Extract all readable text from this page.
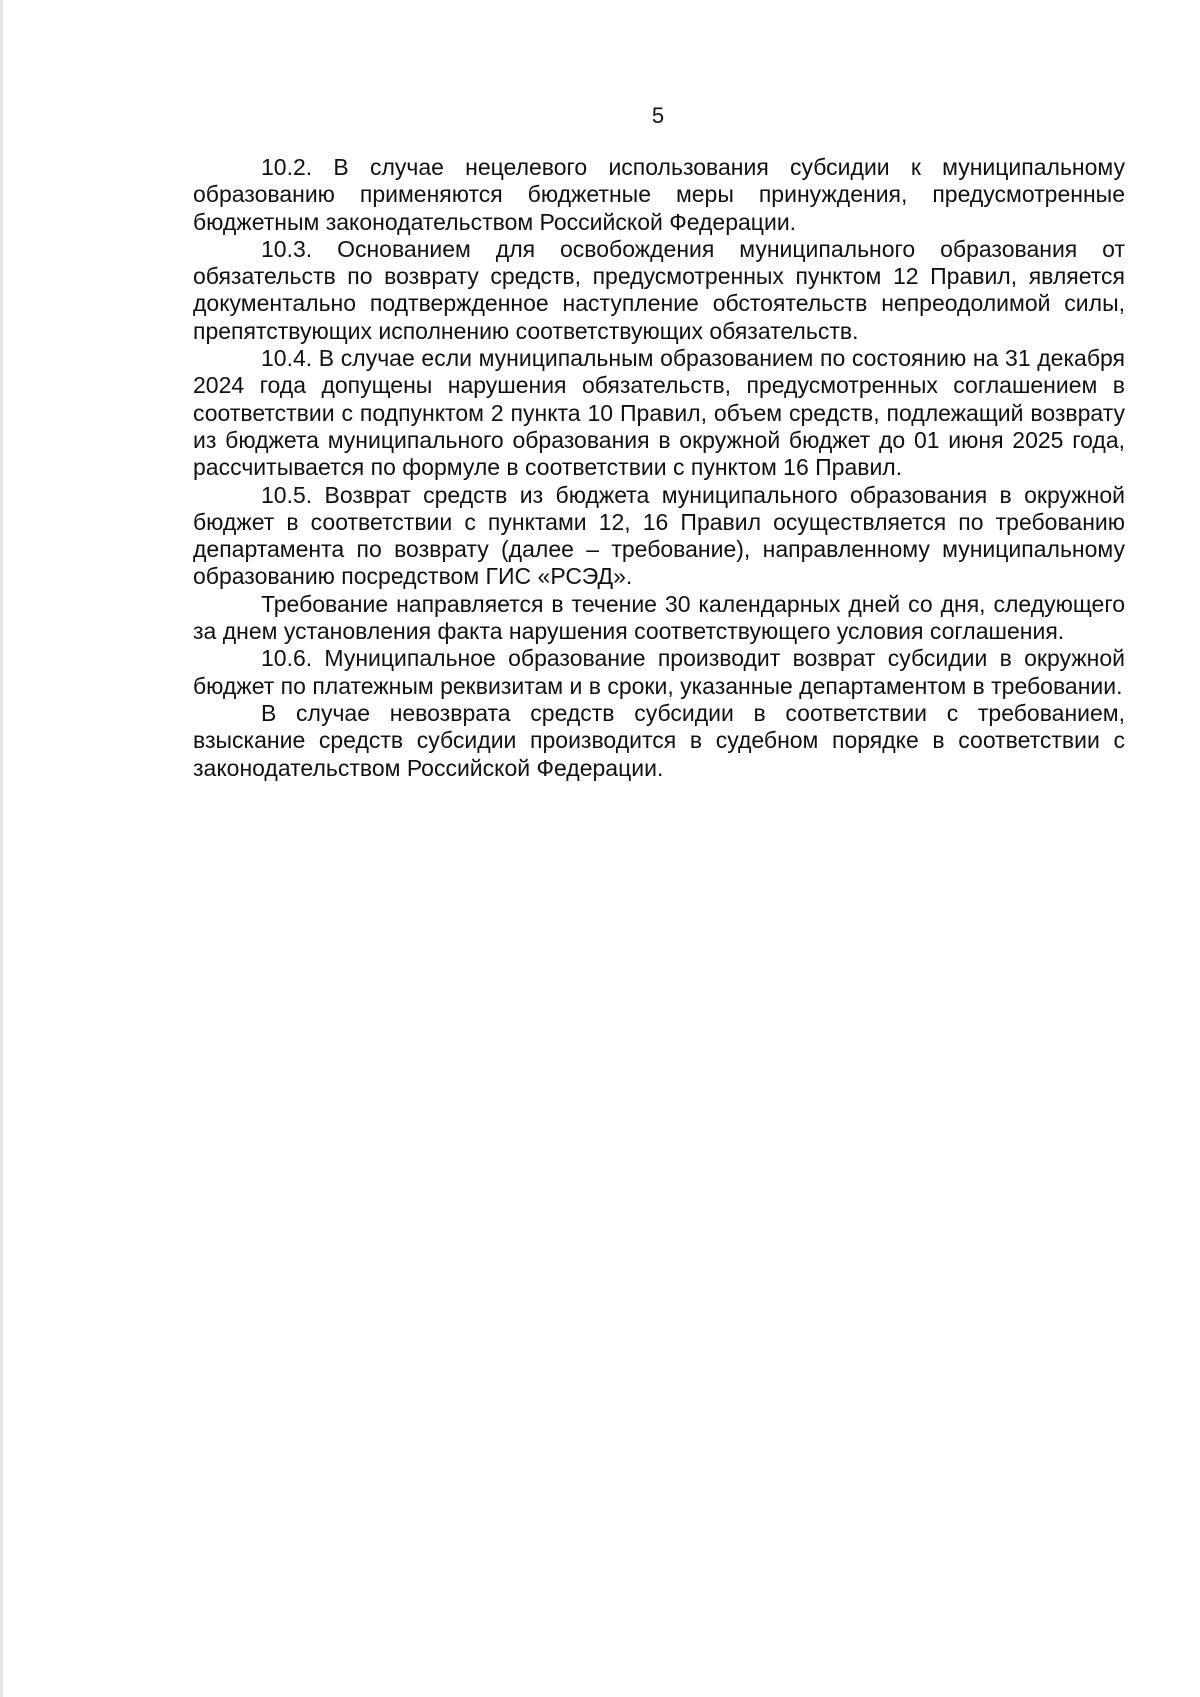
5

10.2. В случае нецелевого использования субсидии к муниципальному образованию применяются бюджетные меры принуждения, предусмотренные бюджетным законодательством Российской Федерации.

10.3. Основанием для освобождения муниципального образования от обязательств по возврату средств, предусмотренных пунктом 12 Правил, является документально подтвержденное наступление обстоятельств непреодолимой силы, препятствующих исполнению соответствующих обязательств.

10.4. В случае если муниципальным образованием по состоянию на 31 декабря 2024 года допущены нарушения обязательств, предусмотренных соглашением в соответствии с подпунктом 2 пункта 10 Правил, объем средств, подлежащий возврату из бюджета муниципального образования в окружной бюджет до 01 июня 2025 года, рассчитывается по формуле в соответствии с пунктом 16 Правил.

10.5. Возврат средств из бюджета муниципального образования в окружной бюджет в соответствии с пунктами 12, 16 Правил осуществляется по требованию департамента по возврату (далее – требование), направленному муниципальному образованию посредством ГИС «РСЭД».

Требование направляется в течение 30 календарных дней со дня, следующего за днем установления факта нарушения соответствующего условия соглашения.

10.6. Муниципальное образование производит возврат субсидии в окружной бюджет по платежным реквизитам и в сроки, указанные департаментом в требовании.

В случае невозврата средств субсидии в соответствии с требованием, взыскание средств субсидии производится в судебном порядке в соответствии с законодательством Российской Федерации.
